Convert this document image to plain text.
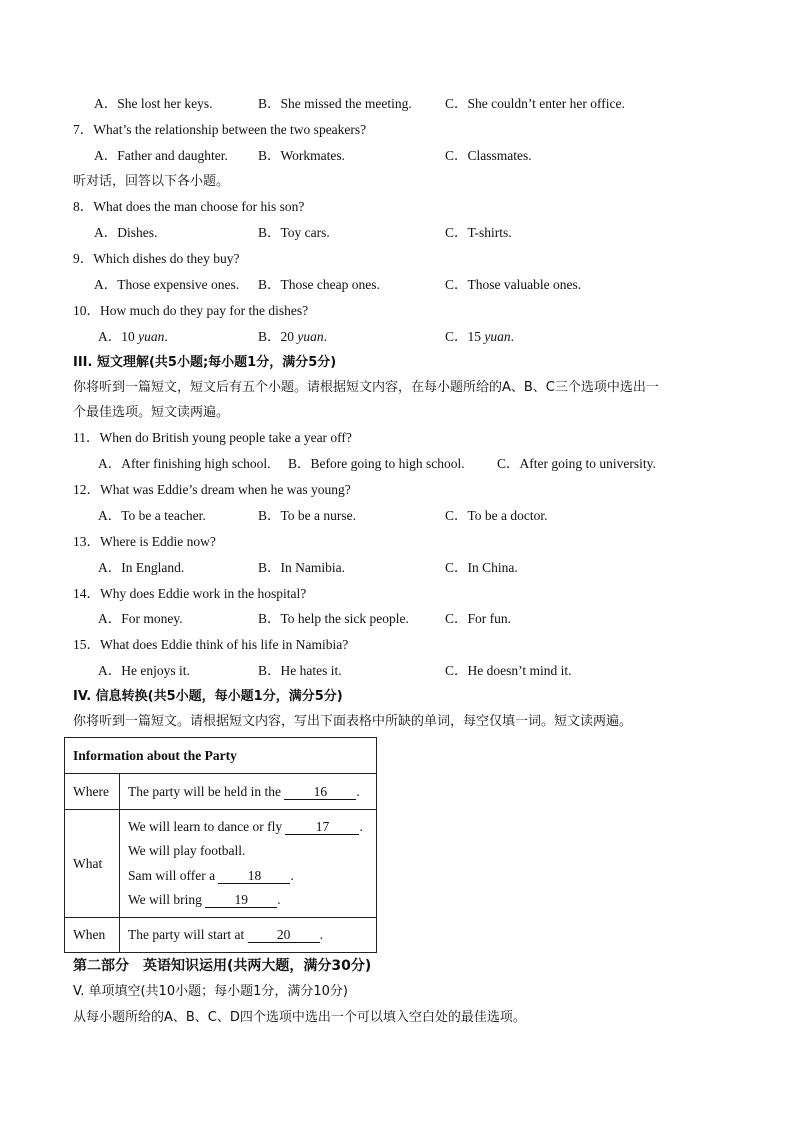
A．She lost her keys.	B．She missed the meeting. C．She couldn’t enter her office.
7．What’s the relationship between the two speakers?
A．Father and daughter. B．Workmates.	C．Classmates.
听对话，回答以下各小题。
8．What does the man choose for his son?
A．Dishes.	B．Toy cars.	C．T-shirts.
9．Which dishes do they buy?
A．Those expensive ones. B．Those cheap ones.	C．Those valuable ones.
10．How much do they pay for the dishes?
A．10 yuan.	B．20 yuan.	C．15 yuan.
III. 短文理解(共5小题;每小题1分，满分5分)
你将听到一篇短文，短文后有五个小题。请根据短文内容，在每小题所给的A、B、C三个选项中选出一
个最佳选项。短文读两遍。
11．When do British young people take a year off?
A．After finishing high school. B．Before going to high school. C．After going to university.
12．What was Eddie’s dream when he was young?
A．To be a teacher.	B．To be a nurse.	C．To be a doctor.
13．Where is Eddie now?
A．In England.	B．In Namibia.	C．In China.
14．Why does Eddie work in the hospital?
A．For money.	B．To help the sick people.	C．For fun.
15．What does Eddie think of his life in Namibia?
A．He enjoys it.	B．He hates it.	C．He doesn’t mind it.
IV. 信息转换(共5小题，每小题1分，满分5分)
你将听到一篇短文。请根据短文内容，写出下面表格中所缺的单词，每空仅填一词。短文读两遍。
Information about the Party	
Where	The party will be held in the 16 .
What	We will learn to dance or fly 17 .
We will play football.
Sam will offer a 18 .
We will bring 19 .

When	The party will start at 20 .
第二部分　英语知识运用(共两大题，满分30分)
V. 单项填空(共10小题；每小题1分，满分10分)
从每小题所给的A、B、C、D四个选项中选出一个可以填入空白处的最佳选项。
